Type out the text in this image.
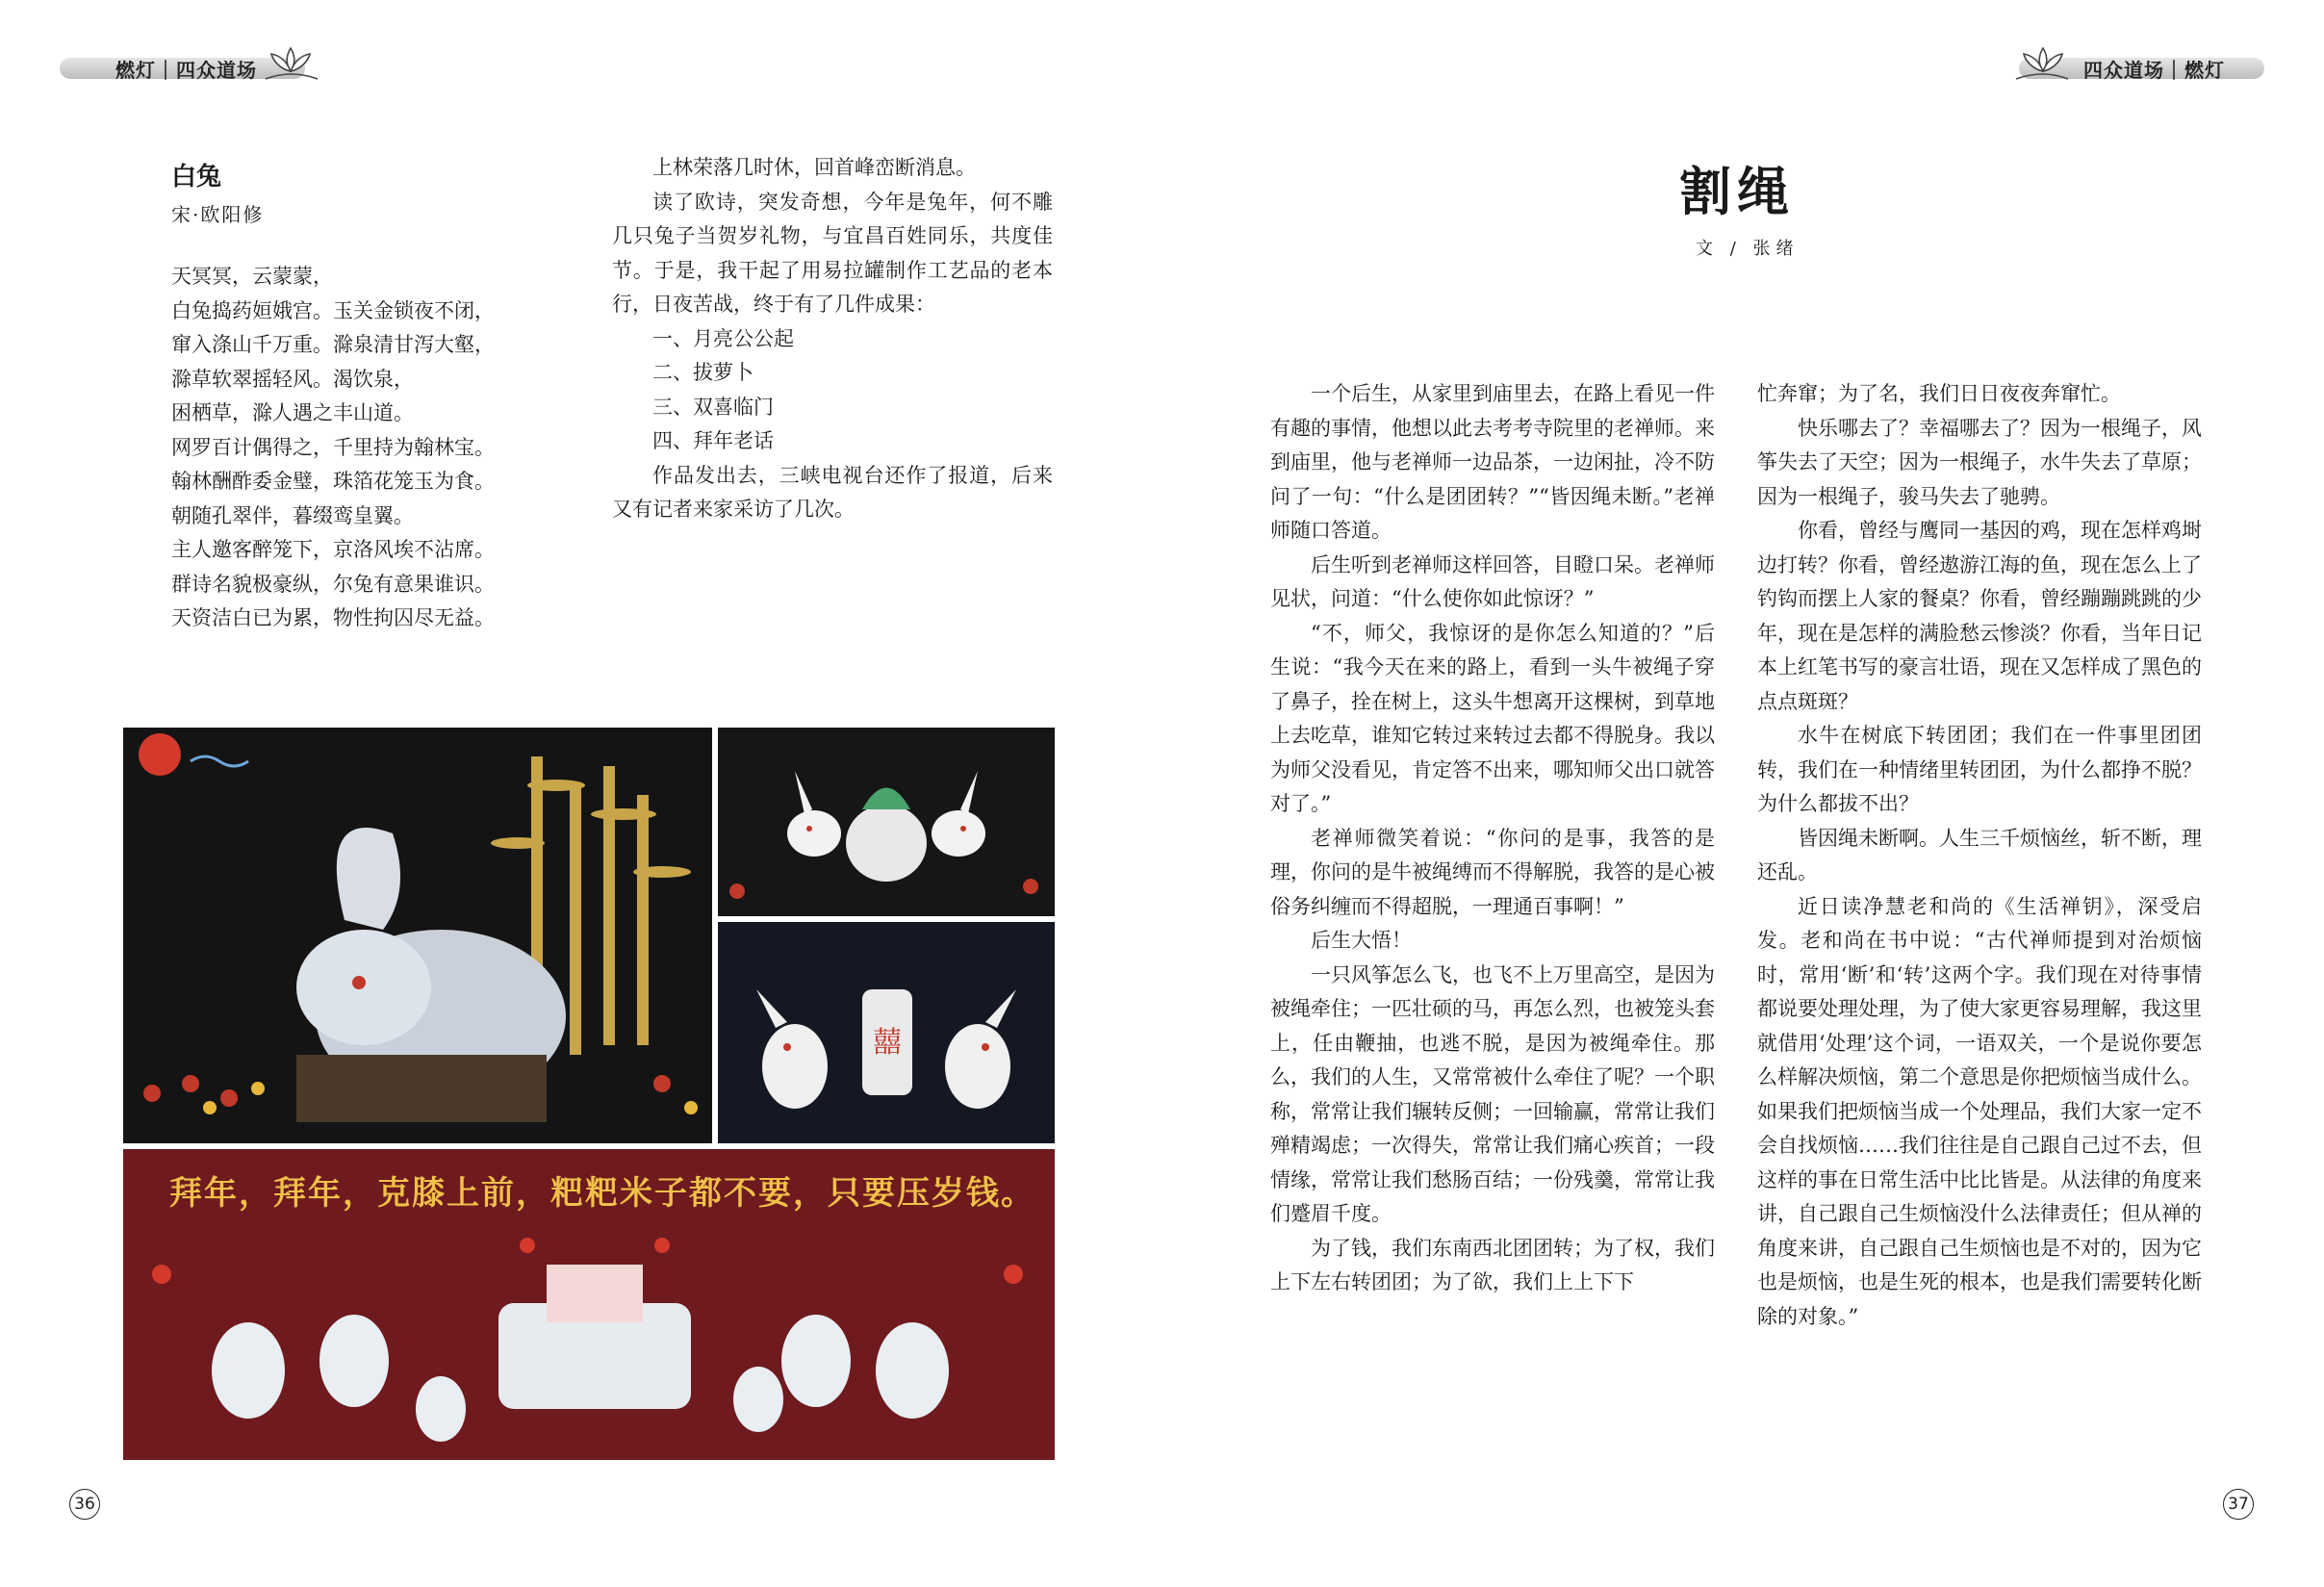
燃灯｜四众道场	四众道场｜燃灯
白兔
宋·欧阳修

天冥冥，云蒙蒙，

白兔捣药姮娥宫。玉关金锁夜不闭，

窜入涤山千万重。滁泉清甘泻大壑，

滁草软翠摇轻风。渴饮泉，

困栖草，滁人遇之丰山道。

网罗百计偶得之，千里持为翰林宝。

翰林酬酢委金璧，珠箔花笼玉为食。

朝随孔翠伴，暮缀鸾皇翼。

主人邀客醉笼下，京洛风埃不沾席。

群诗名貌极豪纵，尔兔有意果谁识。

天资洁白已为累，物性拘囚尽无益。

上林荣落几时休，回首峰峦断消息。

读了欧诗，突发奇想，今年是兔年，何不雕几只兔子当贺岁礼物，与宜昌百姓同乐，共度佳节。于是，我干起了用易拉罐制作工艺品的老本行，日夜苦战，终于有了几件成果：

一、月亮公公起

二、拔萝卜

三、双喜临门

四、拜年老话

作品发出去，三峡电视台还作了报道，后来又有记者来家采访了几次。

囍
拜年，拜年，克膝上前，粑粑米子都不要，只要压岁钱。
36
割绳
文 / 张绪

一个后生，从家里到庙里去，在路上看见一件有趣的事情，他想以此去考考寺院里的老禅师。来到庙里，他与老禅师一边品茶，一边闲扯，冷不防问了一句：“什么是团团转？”“皆因绳未断。”老禅师随口答道。

后生听到老禅师这样回答，目瞪口呆。老禅师见状，问道：“什么使你如此惊讶？”

“不，师父，我惊讶的是你怎么知道的？”后生说：“我今天在来的路上，看到一头牛被绳子穿了鼻子，拴在树上，这头牛想离开这棵树，到草地上去吃草，谁知它转过来转过去都不得脱身。我以为师父没看见，肯定答不出来，哪知师父出口就答对了。”

老禅师微笑着说：“你问的是事，我答的是理，你问的是牛被绳缚而不得解脱，我答的是心被俗务纠缠而不得超脱，一理通百事啊！”

后生大悟！

一只风筝怎么飞，也飞不上万里高空，是因为被绳牵住；一匹壮硕的马，再怎么烈，也被笼头套上，任由鞭抽，也逃不脱，是因为被绳牵住。那么，我们的人生，又常常被什么牵住了呢？一个职称，常常让我们辗转反侧；一回输赢，常常让我们殚精竭虑；一次得失，常常让我们痛心疾首；一段情缘，常常让我们愁肠百结；一份残羹，常常让我们蹙眉千度。

为了钱，我们东南西北团团转；为了权，我们上下左右转团团；为了欲，我们上上下下

忙奔窜；为了名，我们日日夜夜奔窜忙。

快乐哪去了？幸福哪去了？因为一根绳子，风筝失去了天空；因为一根绳子，水牛失去了草原；因为一根绳子，骏马失去了驰骋。

你看，曾经与鹰同一基因的鸡，现在怎样鸡埘边打转？你看，曾经遨游江海的鱼，现在怎么上了钓钩而摆上人家的餐桌？你看，曾经蹦蹦跳跳的少年，现在是怎样的满脸愁云惨淡？你看，当年日记本上红笔书写的豪言壮语，现在又怎样成了黑色的点点斑斑？

水牛在树底下转团团；我们在一件事里团团转，我们在一种情绪里转团团，为什么都挣不脱？为什么都拔不出？

皆因绳未断啊。人生三千烦恼丝，斩不断，理还乱。

近日读净慧老和尚的《生活禅钥》，深受启发。老和尚在书中说：“古代禅师提到对治烦恼时，常用‘断’和‘转’这两个字。我们现在对待事情都说要处理处理，为了使大家更容易理解，我这里就借用‘处理’这个词，一语双关，一个是说你要怎么样解决烦恼，第二个意思是你把烦恼当成什么。如果我们把烦恼当成一个处理品，我们大家一定不会自找烦恼……我们往往是自己跟自己过不去，但这样的事在日常生活中比比皆是。从法律的角度来讲，自己跟自己生烦恼没什么法律责任；但从禅的角度来讲，自己跟自己生烦恼也是不对的，因为它也是烦恼，也是生死的根本，也是我们需要转化断除的对象。”

37
